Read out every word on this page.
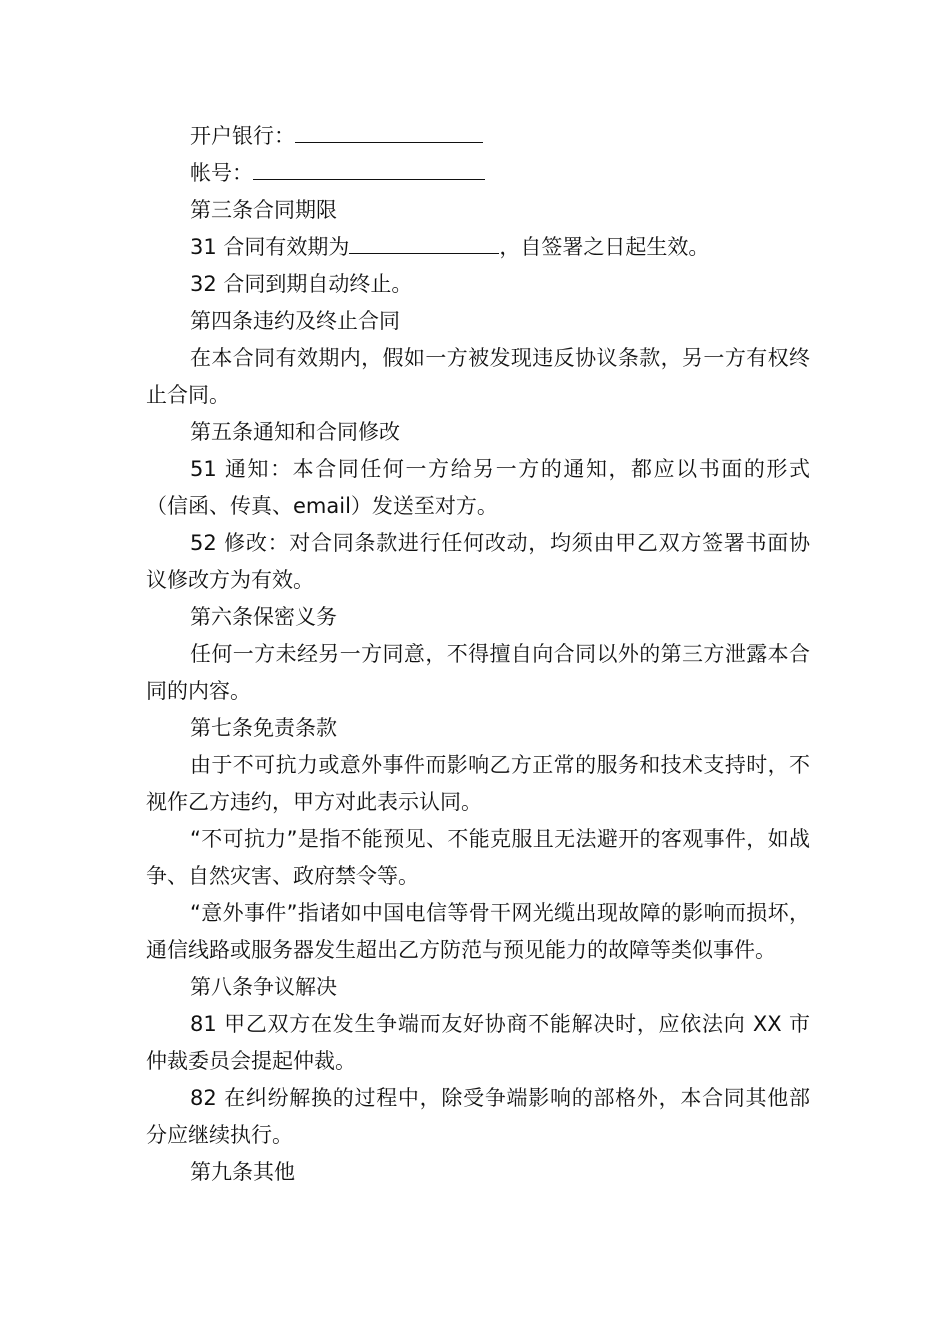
开户银行：
帐号：
第三条合同期限
31 合同有效期为	，自签署之日起生效。
32 合同到期自动终止。
第四条违约及终止合同

在本合同有效期内，假如一方被发现违反协议条款，另一方有权终止合同。

第五条通知和合同修改

51 通知：本合同任何一方给另一方的通知，都应以书面的形式（信函、传真、email）发送至对方。

52 修改：对合同条款进行任何改动，均须由甲乙双方签署书面协议修改方为有效。

第六条保密义务

任何一方未经另一方同意，不得擅自向合同以外的第三方泄露本合同的内容。

第七条免责条款

由于不可抗力或意外事件而影响乙方正常的服务和技术支持时，不视作乙方违约，甲方对此表示认同。

“不可抗力”是指不能预见、不能克服且无法避开的客观事件，如战争、自然灾害、政府禁令等。

“意外事件”指诸如中国电信等骨干网光缆出现故障的影响而损坏，通信线路或服务器发生超出乙方防范与预见能力的故障等类似事件。

第八条争议解决

81 甲乙双方在发生争端而友好协商不能解决时，应依法向 XX 市仲裁委员会提起仲裁。

82 在纠纷解换的过程中，除受争端影响的部格外，本合同其他部分应继续执行。

第九条其他
